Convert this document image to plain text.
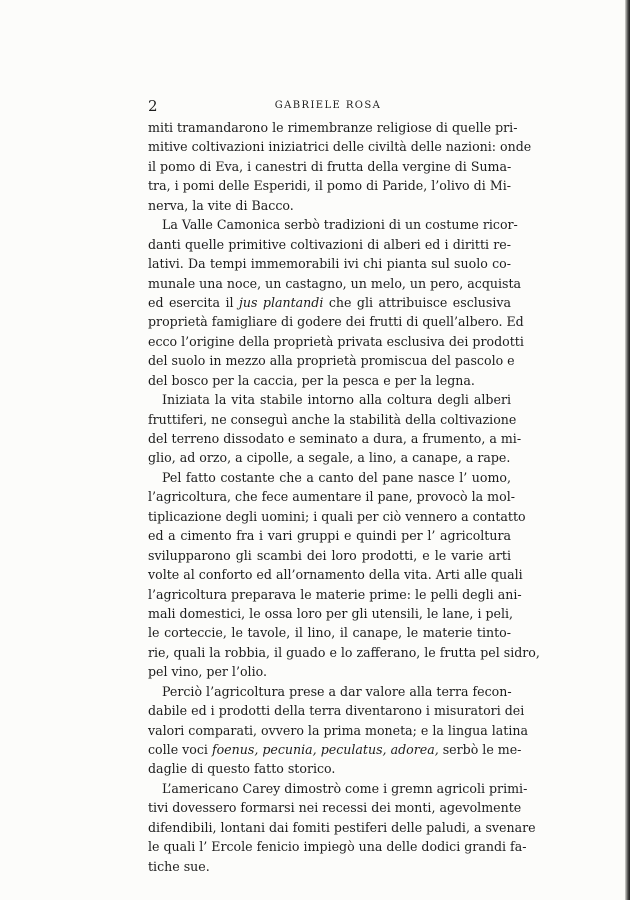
2	GABRIELE ROSA
miti tramandarono le rimembranze religiose di quelle pri-
mitive coltivazioni iniziatrici delle civiltà delle nazioni: onde
il pomo di Eva, i canestri di frutta della vergine di Suma-
tra, i pomi delle Esperidi, il pomo di Paride, l’olivo di Mi-
nerva, la vite di Bacco.
La Valle Camonica serbò tradizioni di un costume ricor-
danti quelle primitive coltivazioni di alberi ed i diritti re-
lativi. Da tempi immemorabili ivi chi pianta sul suolo co-
munale una noce, un castagno, un melo, un pero, acquista
ed esercita il jus plantandi che gli attribuisce esclusiva
proprietà famigliare di godere dei frutti di quell’albero. Ed
ecco l’origine della proprietà privata esclusiva dei prodotti
del suolo in mezzo alla proprietà promiscua del pascolo e
del bosco per la caccia, per la pesca e per la legna.
Iniziata la vita stabile intorno alla coltura degli alberi
fruttiferi, ne conseguì anche la stabilità della coltivazione
del terreno dissodato e seminato a dura, a frumento, a mi-
glio, ad orzo, a cipolle, a segale, a lino, a canape, a rape.
Pel fatto costante che a canto del pane nasce l’ uomo,
l’agricoltura, che fece aumentare il pane, provocò la mol-
tiplicazione degli uomini; i quali per ciò vennero a contatto
ed a cimento fra i vari gruppi e quindi per l’ agricoltura
svilupparono gli scambi dei loro prodotti, e le varie arti
volte al conforto ed all’ornamento della vita. Arti alle quali
l’agricoltura preparava le materie prime: le pelli degli ani-
mali domestici, le ossa loro per gli utensili, le lane, i peli,
le corteccie, le tavole, il lino, il canape, le materie tinto-
rie, quali la robbia, il guado e lo zafferano, le frutta pel sidro,
pel vino, per l’olio.
Perciò l’agricoltura prese a dar valore alla terra fecon-
dabile ed i prodotti della terra diventarono i misuratori dei
valori comparati, ovvero la prima moneta; e la lingua latina
colle voci foenus, pecunia, peculatus, adorea, serbò le me-
daglie di questo fatto storico.
L’americano Carey dimostrò come i gremn agricoli primi-
tivi dovessero formarsi nei recessi dei monti, agevolmente
difendibili, lontani dai fomiti pestiferi delle paludi, a svenare
le quali l’ Ercole fenicio impiegò una delle dodici grandi fa-
tiche sue.
